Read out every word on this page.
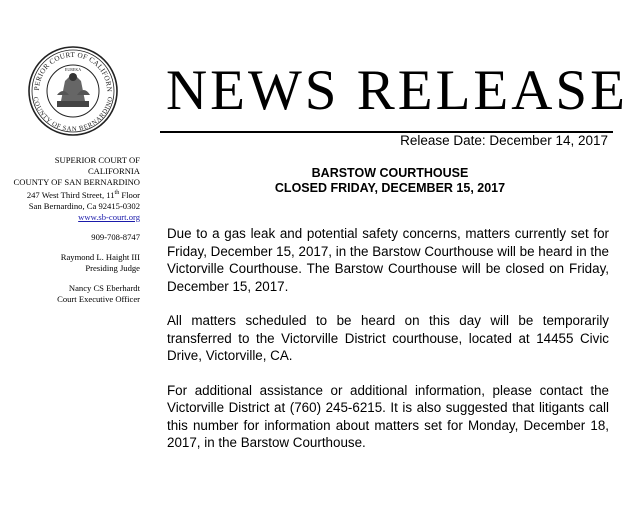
PERIOR COURT OF CALIFORN
COUNTY OF SAN BERNARDINO
EUREKA NEWS RELEASE
Release Date: December 14, 2017
SUPERIOR COURT OF
CALIFORNIA
COUNTY OF SAN BERNARDINO
247 West Third Street, 11th Floor
San Bernardino, Ca 92415-0302
www.sb-court.org
909-708-8747
Raymond L. Haight III
Presiding Judge
Nancy CS Eberhardt
Court Executive Officer
BARSTOW COURTHOUSE
CLOSED FRIDAY, DECEMBER 15, 2017

Due to a gas leak and potential safety concerns, matters currently set for Friday, December 15, 2017, in the Barstow Courthouse will be heard in the Victorville Courthouse. The Barstow Courthouse will be closed on Friday, December 15, 2017.

All matters scheduled to be heard on this day will be temporarily transferred to the Victorville District courthouse, located at 14455 Civic Drive, Victorville, CA.

For additional assistance or additional information, please contact the Victorville District at (760) 245-6215. It is also suggested that litigants call this number for information about matters set for Monday, December 18, 2017, in the Barstow Courthouse.
